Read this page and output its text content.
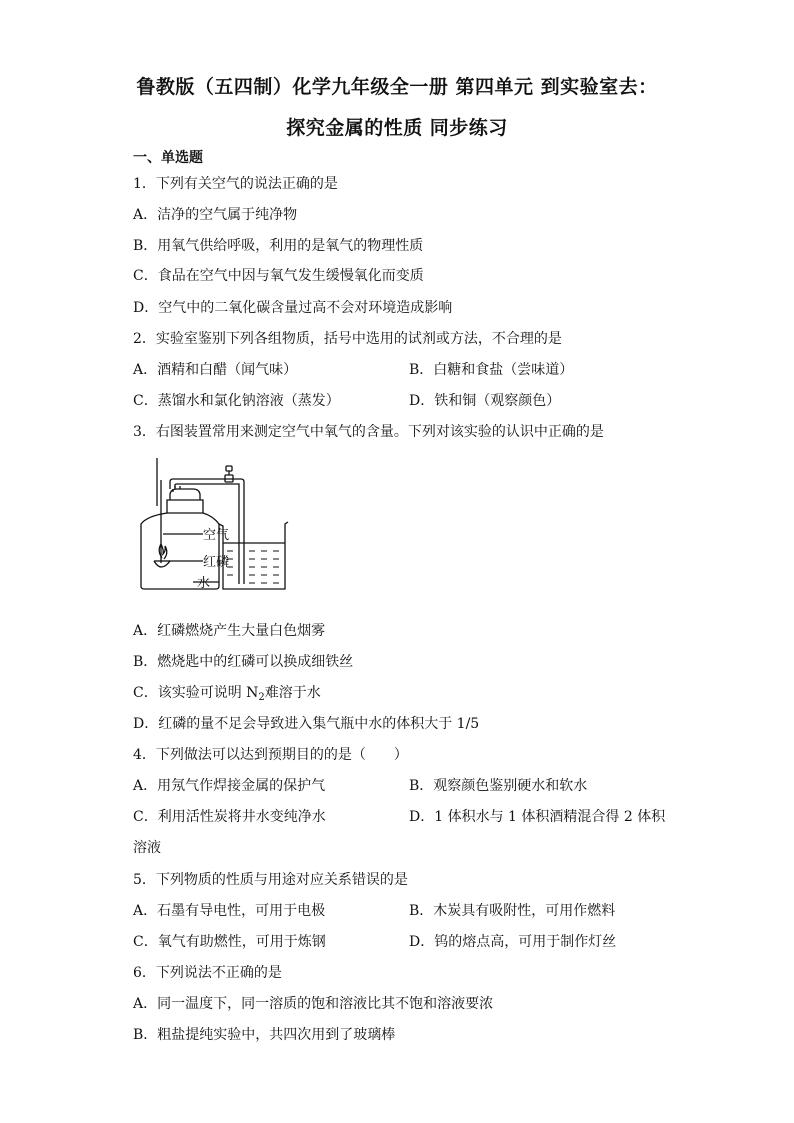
鲁教版（五四制）化学九年级全一册 第四单元 到实验室去：
探究金属的性质 同步练习
一、单选题
1．下列有关空气的说法正确的是
A．洁净的空气属于纯净物
B．用氧气供给呼吸，利用的是氧气的物理性质
C．食品在空气中因与氧气发生缓慢氧化而变质
D．空气中的二氧化碳含量过高不会对环境造成影响
2．实验室鉴别下列各组物质，括号中选用的试剂或方法，不合理的是
A．酒精和白醋（闻气味）	B．白糖和食盐（尝味道）
C．蒸馏水和氯化钠溶液（蒸发）	D．铁和铜（观察颜色）
3．右图装置常用来测定空气中氧气的含量。下列对该实验的认识中正确的是
空气
红磷
水
A．红磷燃烧产生大量白色烟雾
B．燃烧匙中的红磷可以换成细铁丝
C．该实验可说明 $N_2$难溶于水
D．红磷的量不足会导致进入集气瓶中水的体积大于 1/5
4．下列做法可以达到预期目的的是（　　）
A．用氖气作焊接金属的保护气	B．观察颜色鉴别硬水和软水
C．利用活性炭将井水变纯净水	D．1 体积水与 1 体积酒精混合得 2 体积
溶液
5．下列物质的性质与用途对应关系错误的是
A．石墨有导电性，可用于电极	B．木炭具有吸附性，可用作燃料
C．氧气有助燃性，可用于炼钢	D．钨的熔点高，可用于制作灯丝
6．下列说法不正确的是
A．同一温度下，同一溶质的饱和溶液比其不饱和溶液要浓
B．粗盐提纯实验中，共四次用到了玻璃棒
